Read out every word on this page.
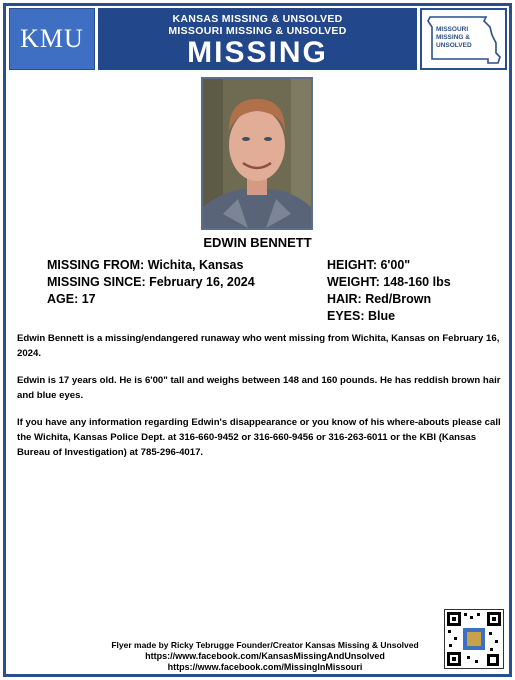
KMU
KANSAS MISSING & UNSOLVED
MISSOURI MISSING & UNSOLVED
MISSING
MISSOURI
MISSING &
UNSOLVED
EDWIN BENNETT
MISSING FROM: Wichita, Kansas
MISSING SINCE: February 16, 2024
AGE: 17
HEIGHT: 6'00"
WEIGHT: 148-160 lbs
HAIR: Red/Brown
EYES: Blue
Edwin Bennett is a missing/endangered runaway who went missing from Wichita, Kansas on February 16, 2024.
Edwin is 17 years old. He is 6'00" tall and weighs between 148 and 160 pounds. He has reddish brown hair and blue eyes.
If you have any information regarding Edwin's disappearance or you know of his where-abouts please call the Wichita, Kansas Police Dept. at 316-660-9452 or 316-660-9456 or 316-263-6011 or the KBI (Kansas Bureau of Investigation) at 785-296-4017.
Flyer made by Ricky Tebrugge Founder/Creator Kansas Missing & Unsolved
https://www.facebook.com/KansasMissingAndUnsolved
https://www.facebook.com/MissingInMissouri
